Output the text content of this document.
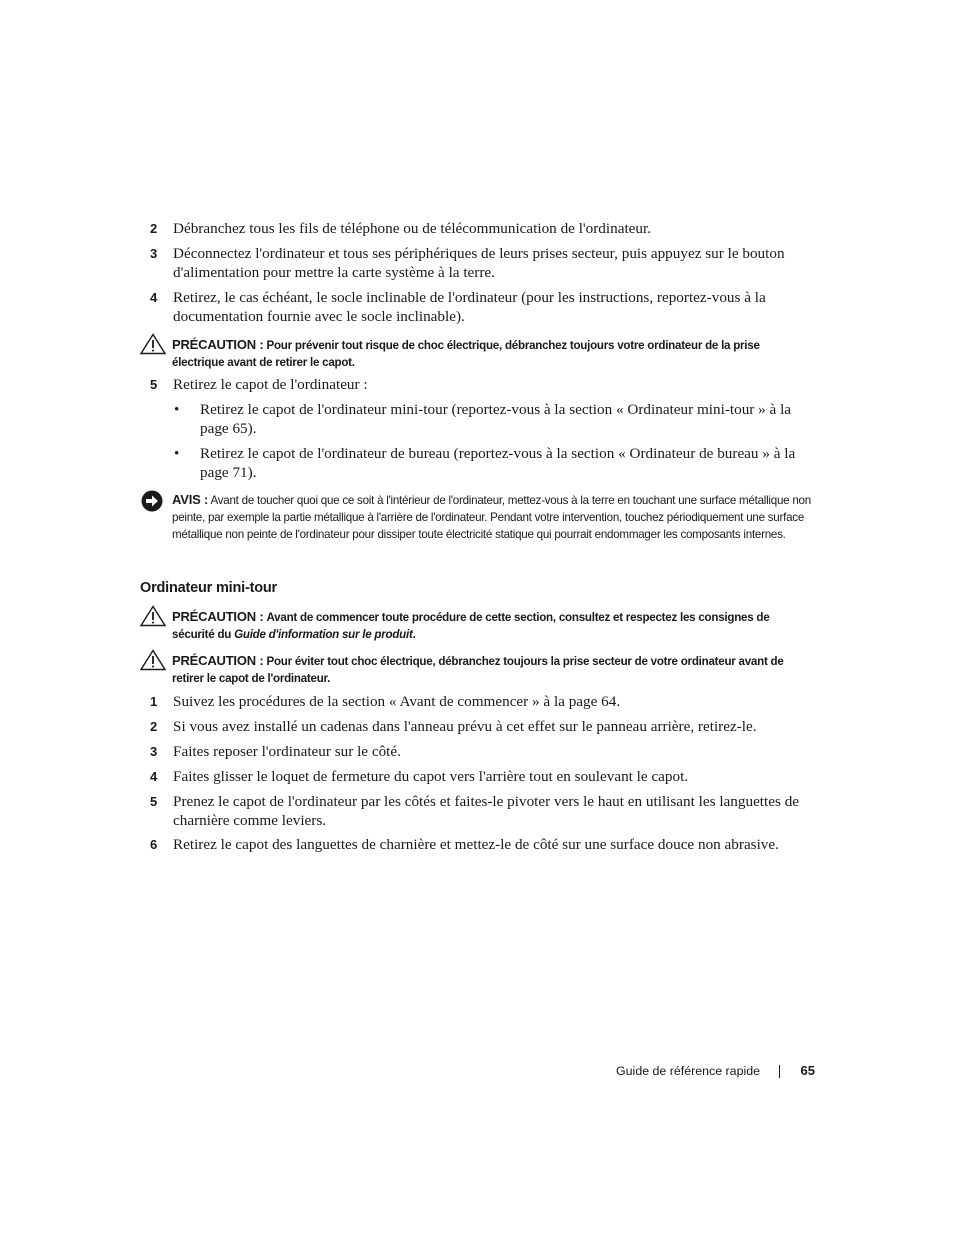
2 Débranchez tous les fils de téléphone ou de télécommunication de l'ordinateur.
3 Déconnectez l'ordinateur et tous ses périphériques de leurs prises secteur, puis appuyez sur le bouton d'alimentation pour mettre la carte système à la terre.
4 Retirez, le cas échéant, le socle inclinable de l'ordinateur (pour les instructions, reportez-vous à la documentation fournie avec le socle inclinable).
PRÉCAUTION : Pour prévenir tout risque de choc électrique, débranchez toujours votre ordinateur de la prise électrique avant de retirer le capot.
5 Retirez le capot de l'ordinateur :
• Retirez le capot de l'ordinateur mini-tour (reportez-vous à la section « Ordinateur mini-tour » à la page 65).
• Retirez le capot de l'ordinateur de bureau (reportez-vous à la section « Ordinateur de bureau » à la page 71).
AVIS : Avant de toucher quoi que ce soit à l'intérieur de l'ordinateur, mettez-vous à la terre en touchant une surface métallique non peinte, par exemple la partie métallique à l'arrière de l'ordinateur. Pendant votre intervention, touchez périodiquement une surface métallique non peinte de l'ordinateur pour dissiper toute électricité statique qui pourrait endommager les composants internes.
Ordinateur mini-tour
PRÉCAUTION : Avant de commencer toute procédure de cette section, consultez et respectez les consignes de sécurité du Guide d'information sur le produit.
PRÉCAUTION : Pour éviter tout choc électrique, débranchez toujours la prise secteur de votre ordinateur avant de retirer le capot de l'ordinateur.
1 Suivez les procédures de la section « Avant de commencer » à la page 64.
2 Si vous avez installé un cadenas dans l'anneau prévu à cet effet sur le panneau arrière, retirez-le.
3 Faites reposer l'ordinateur sur le côté.
4 Faites glisser le loquet de fermeture du capot vers l'arrière tout en soulevant le capot.
5 Prenez le capot de l'ordinateur par les côtés et faites-le pivoter vers le haut en utilisant les languettes de charnière comme leviers.
6 Retirez le capot des languettes de charnière et mettez-le de côté sur une surface douce non abrasive.
Guide de référence rapide	65
